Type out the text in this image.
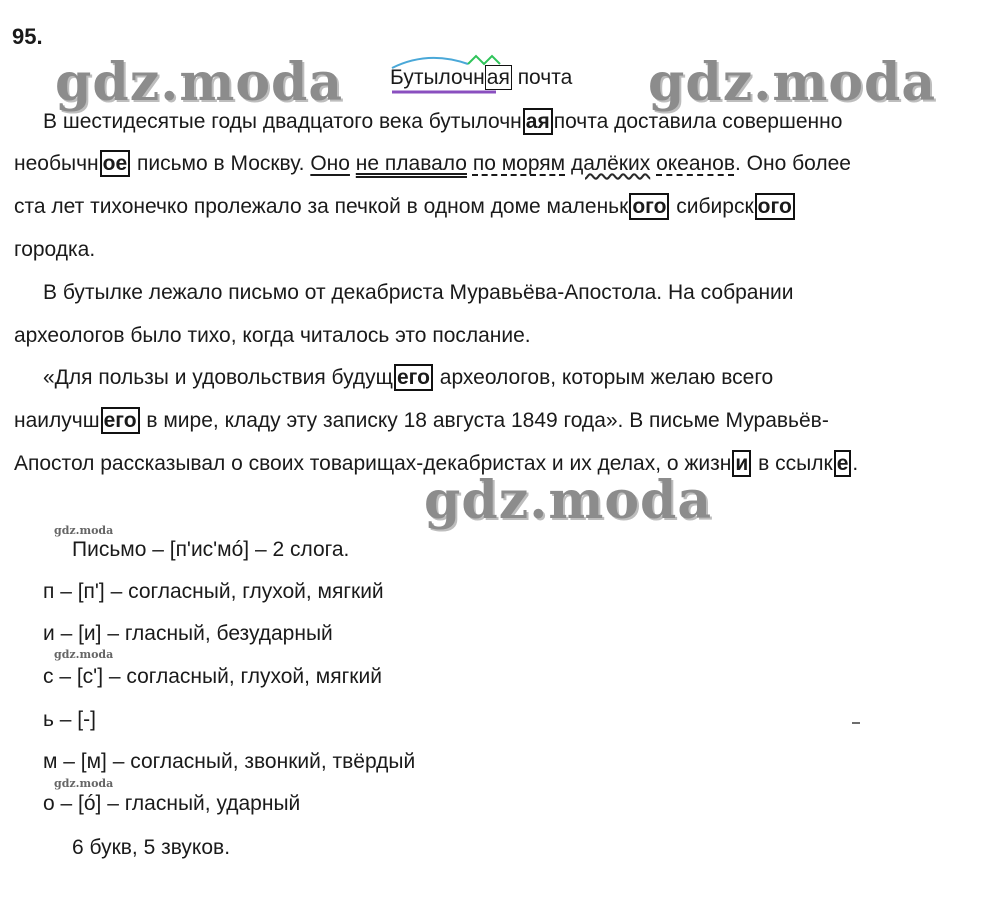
95.
gdz.moda	gdz.moda
gdz.moda
gdz.moda
gdz.moda
gdz.moda
Бутылочная почта
В шестидесятые годы двадцатого века бутылочн ая почта доставила совершенно
необычн ое письмо в Москву. Оно не плавало по морям далёких океанов. Оно более
ста лет тихонечко пролежало за печкой в одном доме маленьк ого сибирск ого
городка.
В бутылке лежало письмо от декабриста Муравьёва-Апостола. На собрании
археологов было тихо, когда читалось это послание.
«Для пользы и удовольствия будущ его археологов, которым желаю всего
наилучш его в мире, кладу эту записку 18 августа 1849 года». В письме Муравьёв-
Апостол рассказывал о своих товарищах-декабристах и их делах, о жизн и в ссылк е .
Письмо – [п'ис'мó] – 2 слога.
п – [п'] – согласный, глухой, мягкий
и – [и] – гласный, безударный
с – [с'] – согласный, глухой, мягкий
ь – [-]
м – [м] – согласный, звонкий, твёрдый
о – [ó] – гласный, ударный
6 букв, 5 звуков.
